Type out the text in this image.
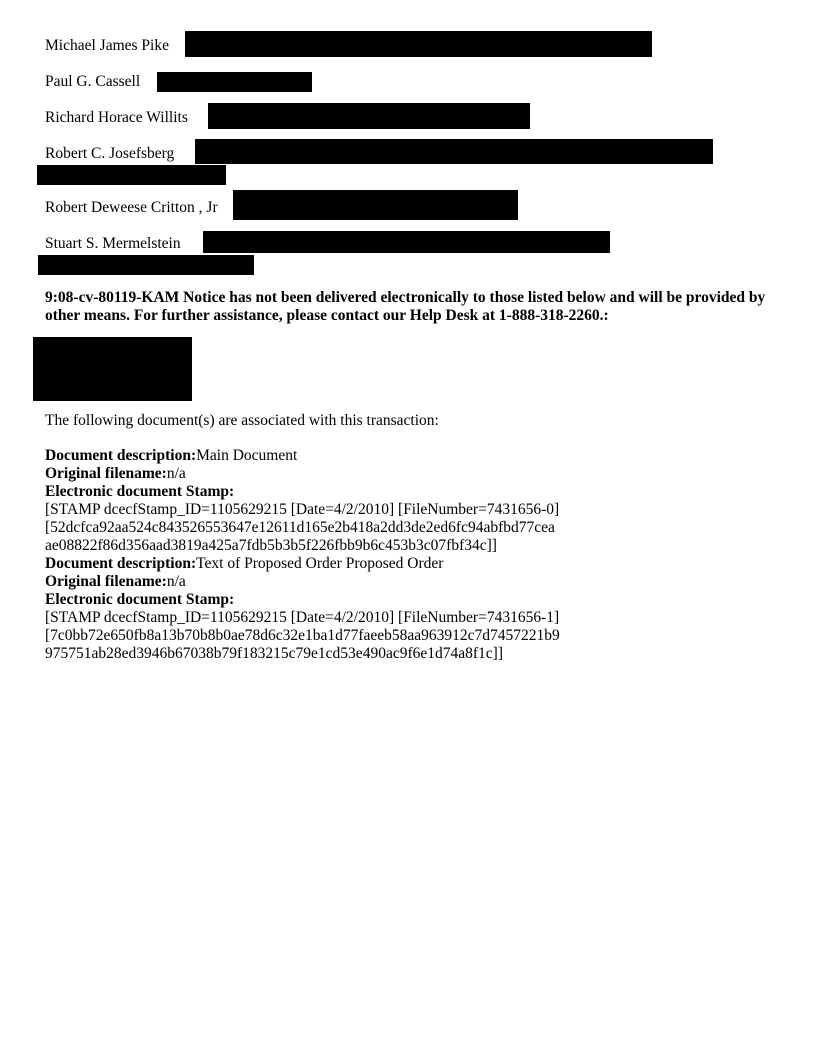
Michael James Pike
Paul G. Cassell
Richard Horace Willits
Robert C. Josefsberg
Robert Deweese Critton , Jr
Stuart S. Mermelstein
9:08-cv-80119-KAM Notice has not been delivered electronically to those listed below and will be provided by other means. For further assistance, please contact our Help Desk at 1-888-318-2260.:
The following document(s) are associated with this transaction:
Document description:Main Document
Original filename:n/a
Electronic document Stamp:
[STAMP dcecfStamp_ID=1105629215 [Date=4/2/2010] [FileNumber=7431656-0]
[52dcfca92aa524c843526553647e12611d165e2b418a2dd3de2ed6fc94abfbd77cea
ae08822f86d356aad3819a425a7fdb5b3b5f226fbb9b6c453b3c07fbf34c]]
Document description:Text of Proposed Order Proposed Order
Original filename:n/a
Electronic document Stamp:
[STAMP dcecfStamp_ID=1105629215 [Date=4/2/2010] [FileNumber=7431656-1]
[7c0bb72e650fb8a13b70b8b0ae78d6c32e1ba1d77faeeb58aa963912c7d7457221b9
975751ab28ed3946b67038b79f183215c79e1cd53e490ac9f6e1d74a8f1c]]
